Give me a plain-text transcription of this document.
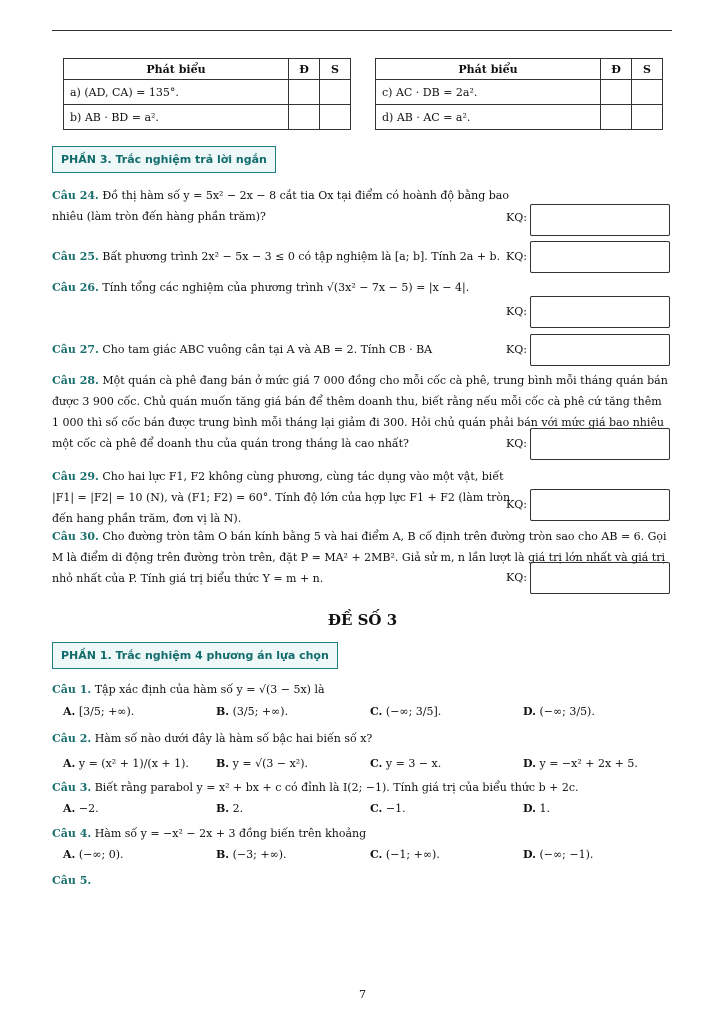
Phát biểu	Đ	S
a) (AD, CA) = 135°.		
b) AB · BD = a².		
Phát biểu	Đ	S
c) AC · DB = 2a².		
d) AB · AC = a².		
PHẦN 3. Trắc nghiệm trả lời ngắn
Câu 24. Đồ thị hàm số y = 5x² − 2x − 8 cắt tia Ox tại điểm có hoành độ bằng bao nhiêu (làm tròn đến hàng phần trăm)?	KQ:
Câu 25. Bất phương trình 2x² − 5x − 3 ≤ 0 có tập nghiệm là [a; b]. Tính 2a + b. KQ:
Câu 26. Tính tổng các nghiệm của phương trình √(3x² − 7x − 5) = |x − 4|.
KQ:
Câu 27. Cho tam giác ABC vuông cân tại A và AB = 2. Tính CB · BA	KQ:
Câu 28. Một quán cà phê đang bán ở mức giá 7 000 đồng cho mỗi cốc cà phê, trung bình mỗi tháng quán bán được 3 900 cốc. Chủ quán muốn tăng giá bán để thêm doanh thu, biết rằng nếu mỗi cốc cà phê cứ tăng thêm 1 000 thì số cốc bán được trung bình mỗi tháng lại giảm đi 300. Hỏi chủ quán phải bán với mức giá bao nhiêu một cốc cà phê để doanh thu của quán trong tháng là cao nhất?	KQ:
Câu 29. Cho hai lực F1, F2 không cùng phương, cùng tác dụng vào một vật, biết |F1| = |F2| = 10 (N), và (F1; F2) = 60°. Tính độ lớn của hợp lực F1 + F2 (làm tròn đến hang phần trăm, đơn vị là N).
KQ:
Câu 30. Cho đường tròn tâm O bán kính bằng 5 và hai điểm A, B cố định trên đường tròn sao cho AB = 6. Gọi M là điểm di động trên đường tròn trên, đặt P = MA² + 2MB². Giả sử m, n lần lượt là giá trị lớn nhất và giá trị nhỏ nhất của P. Tính giá trị biểu thức Y = m + n.	KQ:
ĐỀ SỐ 3
PHẦN 1. Trắc nghiệm 4 phương án lựa chọn
Câu 1. Tập xác định của hàm số y = √(3 − 5x) là
A. [3/5; +∞).	B. (3/5; +∞).	C. (−∞; 3/5].	D. (−∞; 3/5).
Câu 2. Hàm số nào dưới đây là hàm số bậc hai biến số x?
A. y = (x² + 1)/(x + 1). B. y = √(3 − x²).	C. y = 3 − x.	D. y = −x² + 2x + 5.
Câu 3. Biết rằng parabol y = x² + bx + c có đỉnh là I(2; −1). Tính giá trị của biểu thức b + 2c.
A. −2.	B. 2.	C. −1.	D. 1.
Câu 4. Hàm số y = −x² − 2x + 3 đồng biến trên khoảng
A. (−∞; 0).	B. (−3; +∞).	C. (−1; +∞).	D. (−∞; −1).
Câu 5.
7
